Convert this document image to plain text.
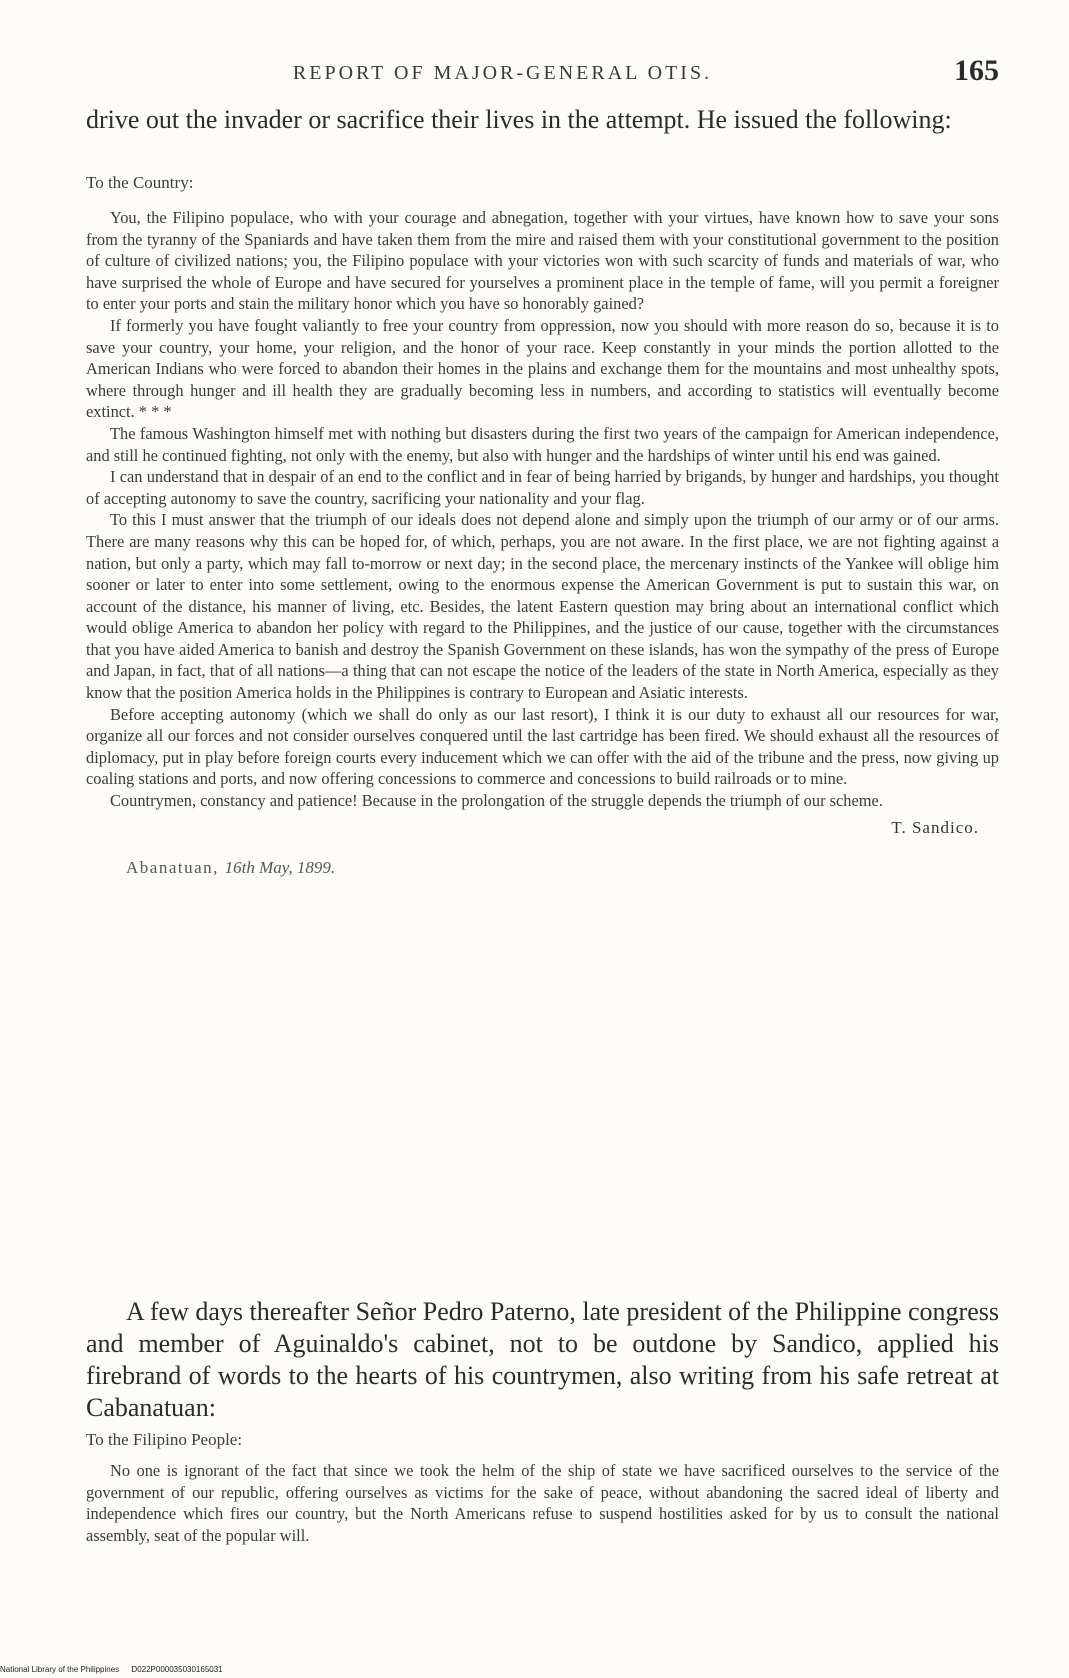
REPORT OF MAJOR-GENERAL OTIS.	165

drive out the invader or sacrifice their lives in the attempt. He issued the following:

To the Country:

You, the Filipino populace, who with your courage and abnegation, together with your virtues, have known how to save your sons from the tyranny of the Spaniards and have taken them from the mire and raised them with your constitutional government to the position of culture of civilized nations; you, the Filipino populace with your victories won with such scarcity of funds and materials of war, who have surprised the whole of Europe and have secured for yourselves a prominent place in the temple of fame, will you permit a foreigner to enter your ports and stain the military honor which you have so honorably gained?

If formerly you have fought valiantly to free your country from oppression, now you should with more reason do so, because it is to save your country, your home, your religion, and the honor of your race. Keep constantly in your minds the portion allotted to the American Indians who were forced to abandon their homes in the plains and exchange them for the mountains and most unhealthy spots, where through hunger and ill health they are gradually becoming less in numbers, and according to statistics will eventually become extinct. * * *

The famous Washington himself met with nothing but disasters during the first two years of the campaign for American independence, and still he continued fighting, not only with the enemy, but also with hunger and the hardships of winter until his end was gained.

I can understand that in despair of an end to the conflict and in fear of being harried by brigands, by hunger and hardships, you thought of accepting autonomy to save the country, sacrificing your nationality and your flag.

To this I must answer that the triumph of our ideals does not depend alone and simply upon the triumph of our army or of our arms. There are many reasons why this can be hoped for, of which, perhaps, you are not aware. In the first place, we are not fighting against a nation, but only a party, which may fall to-morrow or next day; in the second place, the mercenary instincts of the Yankee will oblige him sooner or later to enter into some settlement, owing to the enormous expense the American Government is put to sustain this war, on account of the distance, his manner of living, etc. Besides, the latent Eastern question may bring about an international conflict which would oblige America to abandon her policy with regard to the Philippines, and the justice of our cause, together with the circumstances that you have aided America to banish and destroy the Spanish Government on these islands, has won the sympathy of the press of Europe and Japan, in fact, that of all nations—a thing that can not escape the notice of the leaders of the state in North America, especially as they know that the position America holds in the Philippines is contrary to European and Asiatic interests.

Before accepting autonomy (which we shall do only as our last resort), I think it is our duty to exhaust all our resources for war, organize all our forces and not consider ourselves conquered until the last cartridge has been fired. We should exhaust all the resources of diplomacy, put in play before foreign courts every inducement which we can offer with the aid of the tribune and the press, now giving up coaling stations and ports, and now offering concessions to commerce and concessions to build railroads or to mine.

Countrymen, constancy and patience! Because in the prolongation of the struggle depends the triumph of our scheme.

T. Sandico.
Abanatuan, 16th May, 1899.

A few days thereafter Señor Pedro Paterno, late president of the Philippine congress and member of Aguinaldo's cabinet, not to be outdone by Sandico, applied his firebrand of words to the hearts of his countrymen, also writing from his safe retreat at Cabanatuan:

To the Filipino People:

No one is ignorant of the fact that since we took the helm of the ship of state we have sacrificed ourselves to the service of the government of our republic, offering ourselves as victims for the sake of peace, without abandoning the sacred ideal of liberty and independence which fires our country, but the North Americans refuse to suspend hostilities asked for by us to consult the national assembly, seat of the popular will.

National Library of the Philippines D022P000035030165031
